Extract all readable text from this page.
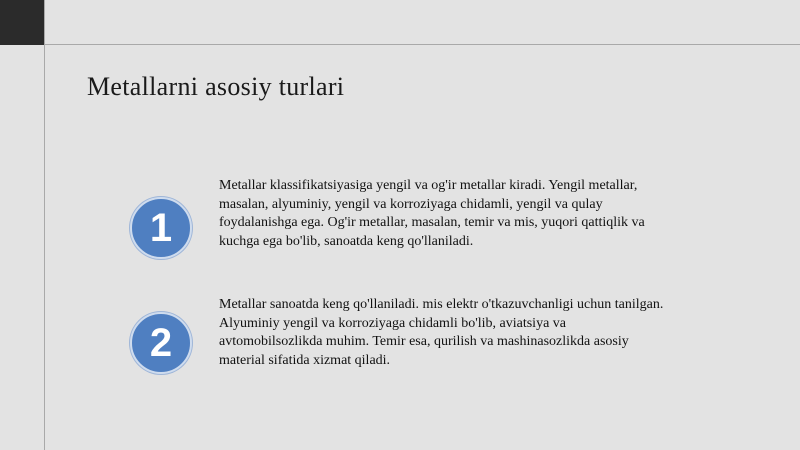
Metallarni asosiy turlari
1
Metallar klassifikatsiyasiga yengil va og'ir metallar kiradi. Yengil metallar, masalan, alyuminiy, yengil va korroziyaga chidamli, yengil va qulay foydalanishga ega. Og'ir metallar, masalan, temir va mis, yuqori qattiqlik va kuchga ega bo'lib, sanoatda keng qo'llaniladi.
2
Metallar sanoatda keng qo'llaniladi. mis elektr o'tkazuvchanligi uchun tanilgan. Alyuminiy yengil va korroziyaga chidamli bo'lib, aviatsiya va avtomobilsozlikda muhim. Temir esa, qurilish va mashinasozlikda asosiy material sifatida xizmat qiladi.
